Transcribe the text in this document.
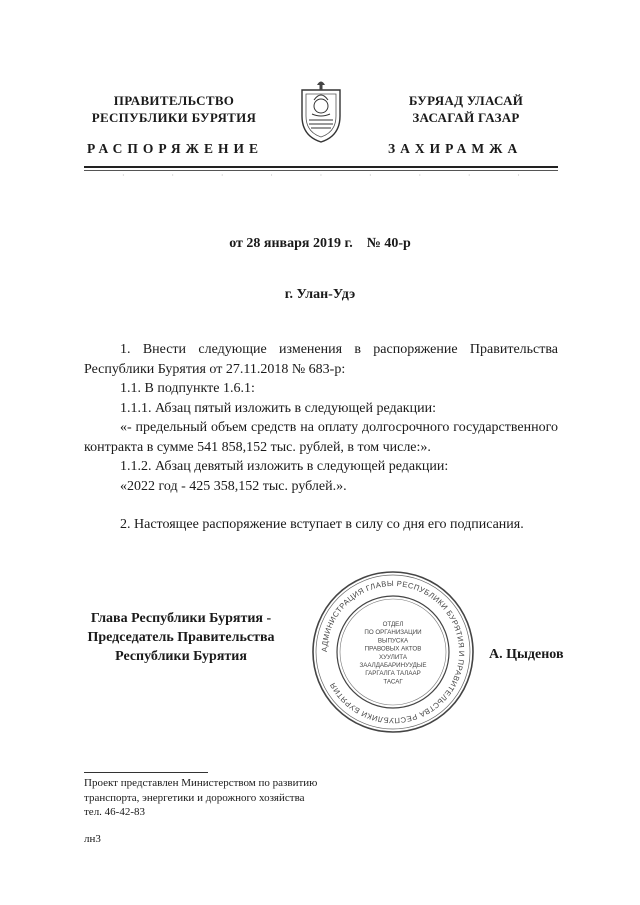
ПРАВИТЕЛЬСТВО
РЕСПУБЛИКИ БУРЯТИЯ
БУРЯАД УЛАСАЙ
ЗАСАГАЙ ГАЗАР
РАСПОРЯЖЕНИЕ	ЗАХИРАМЖА
·	·	·	·	·	·	·	·	·
от 28 января 2019 г. № 40-р
г. Улан-Удэ

1. Внести следующие изменения в распоряжение Правительства Республики Бурятия от 27.11.2018 № 683-р:

1.1. В подпункте 1.6.1:

1.1.1. Абзац пятый изложить в следующей редакции:

«- предельный объем средств на оплату долгосрочного государственного контракта в сумме 541 858,152 тыс. рублей, в том числе:».

1.1.2. Абзац девятый изложить в следующей редакции:

«2022 год - 425 358,152 тыс. рублей.».

2. Настоящее распоряжение вступает в силу со дня его подписания.

Глава Республики Бурятия -
Председатель Правительства
Республики Бурятия	АДМИНИСТРАЦИЯ ГЛАВЫ РЕСПУБЛИКИ БУРЯТИЯ И ПРАВИТЕЛЬСТВА РЕСПУБЛИКИ БУРЯТИЯ
ОТДЕЛ
ПО ОРГАНИЗАЦИИ
ВЫПУСКА
ПРАВОВЫХ АКТОВ
ХУУЛИТА
ЗААЛДАБАРИНУУДЫЕ
ГАРГАЛГА ТАЛААР
ТАСАГ
А. Цыденов
Проект представлен Министерством по развитию
транспорта, энергетики и дорожного хозяйства
тел. 46-42-83
лн3
